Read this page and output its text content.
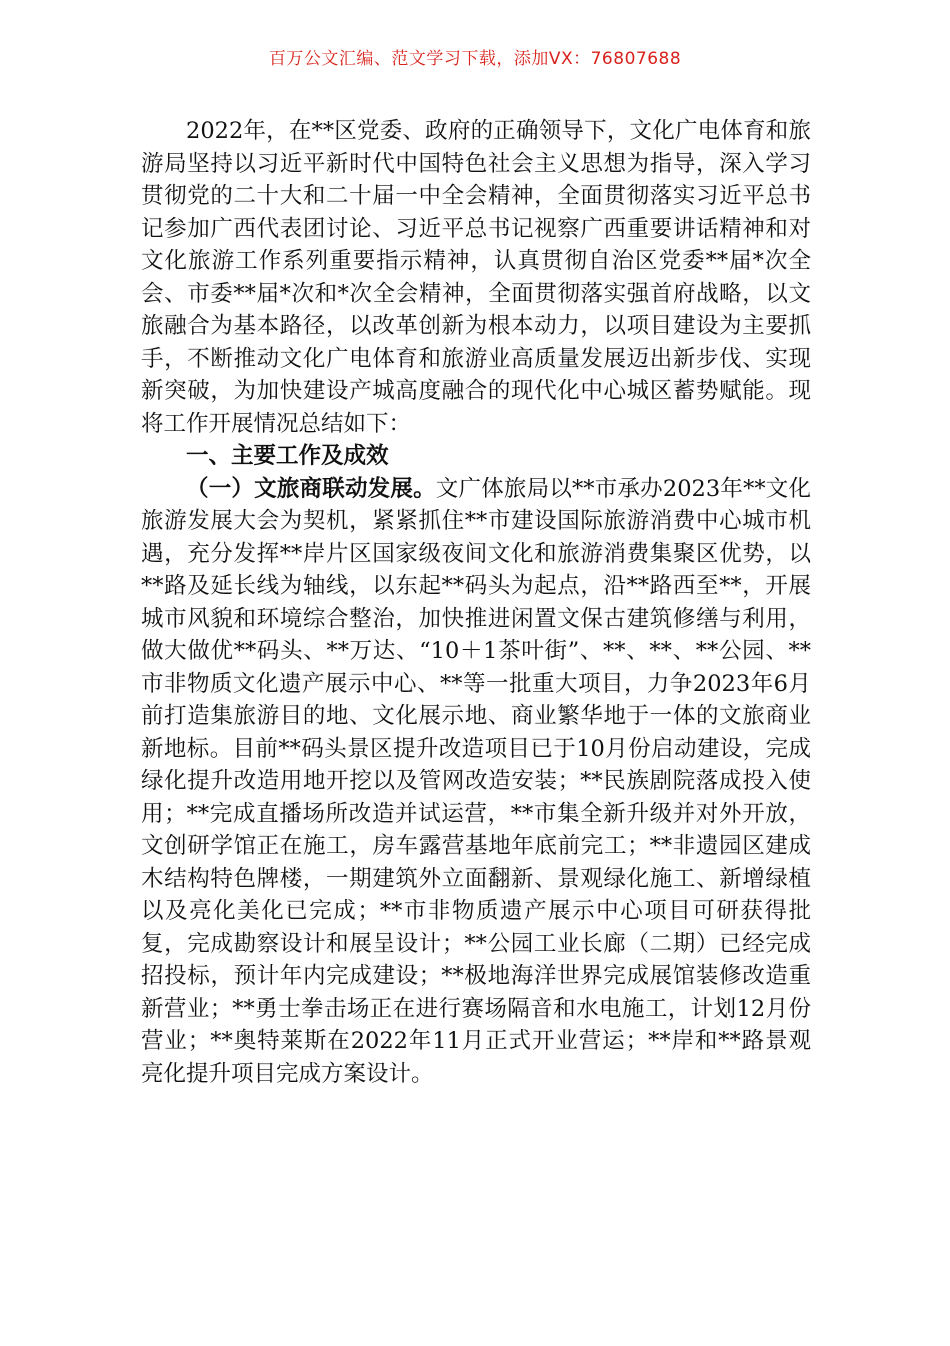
百万公文汇编、范文学习下载，添加VX：76807688

2022年，在**区党委、政府的正确领导下，文化广电体育和旅游局坚持以习近平新时代中国特色社会主义思想为指导，深入学习贯彻党的二十大和二十届一中全会精神，全面贯彻落实习近平总书记参加广西代表团讨论、习近平总书记视察广西重要讲话精神和对文化旅游工作系列重要指示精神，认真贯彻自治区党委**届*次全会、市委**届*次和*次全会精神，全面贯彻落实强首府战略，以文旅融合为基本路径，以改革创新为根本动力，以项目建设为主要抓手，不断推动文化广电体育和旅游业高质量发展迈出新步伐、实现新突破，为加快建设产城高度融合的现代化中心城区蓄势赋能。现将工作开展情况总结如下：

一、主要工作及成效

（一）文旅商联动发展。文广体旅局以**市承办2023年**文化旅游发展大会为契机，紧紧抓住**市建设国际旅游消费中心城市机遇，充分发挥**岸片区国家级夜间文化和旅游消费集聚区优势，以**路及延长线为轴线，以东起**码头为起点，沿**路西至**，开展城市风貌和环境综合整治，加快推进闲置文保古建筑修缮与利用，做大做优**码头、**万达、“10＋1茶叶街”、**、**、**公园、**市非物质文化遗产展示中心、**等一批重大项目，力争2023年6月前打造集旅游目的地、文化展示地、商业繁华地于一体的文旅商业新地标。目前**码头景区提升改造项目已于10月份启动建设，完成绿化提升改造用地开挖以及管网改造安装；**民族剧院落成投入使用；**完成直播场所改造并试运营，**市集全新升级并对外开放，文创研学馆正在施工，房车露营基地年底前完工；**非遗园区建成木结构特色牌楼，一期建筑外立面翻新、景观绿化施工、新增绿植以及亮化美化已完成；**市非物质遗产展示中心项目可研获得批复，完成勘察设计和展呈设计；**公园工业长廊（二期）已经完成招投标，预计年内完成建设；**极地海洋世界完成展馆装修改造重新营业；**勇士拳击场正在进行赛场隔音和水电施工，计划12月份营业；**奥特莱斯在2022年11月正式开业营运；**岸和**路景观亮化提升项目完成方案设计。
